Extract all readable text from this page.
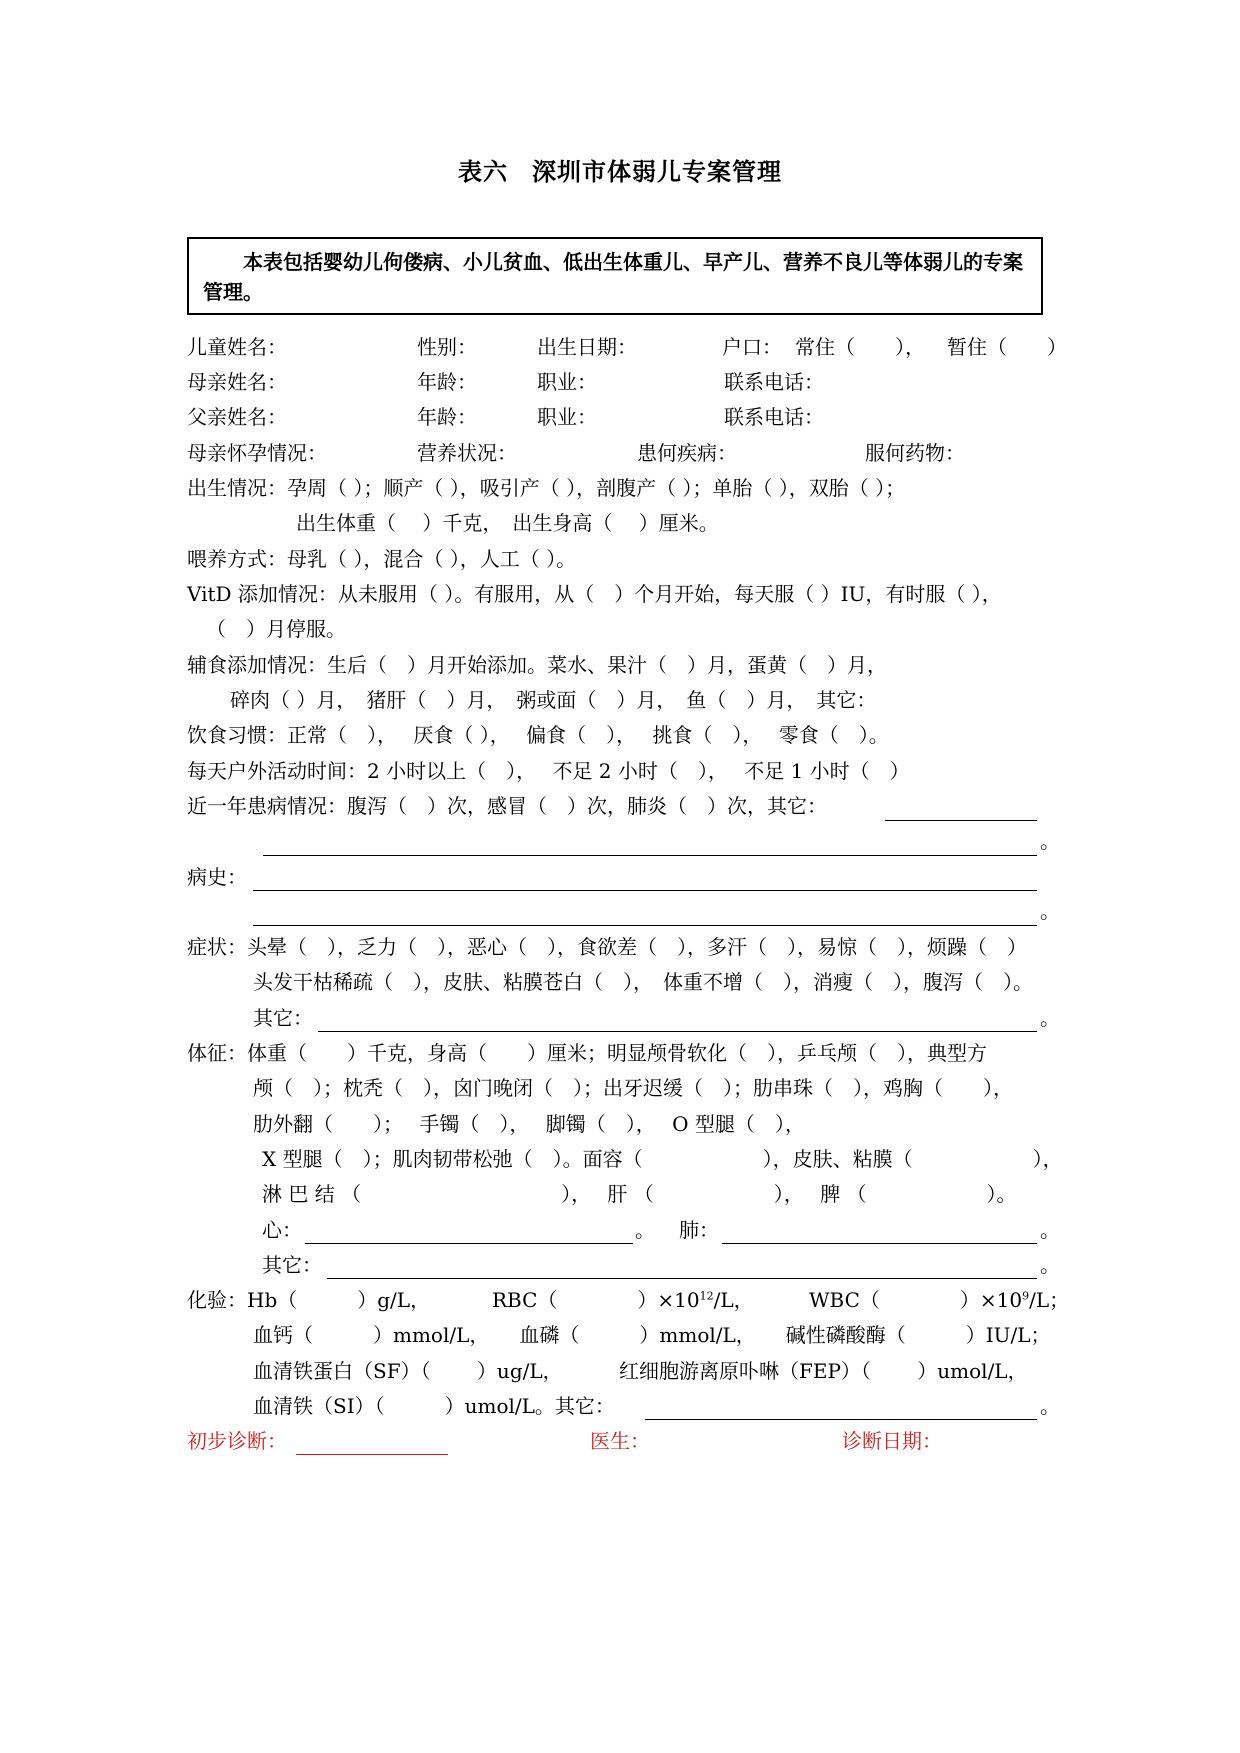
表六 深圳市体弱儿专案管理

本表包括婴幼儿佝偻病、小儿贫血、低出生体重儿、早产儿、营养不良儿等体弱儿的专案管理。

儿童姓名：	性别：	出生日期：	户口： 常住（　　）， 暂住（　　）
母亲姓名：	年龄：	职业：	联系电话：
父亲姓名：	年龄：	职业：	联系电话：
母亲怀孕情况：	营养状况：	患何疾病：	服何药物：
出生情况：孕周（ ）；顺产（ ），吸引产（ ），剖腹产（ ）；单胎（ ），双胎（ ）；
出生体重（　 ）千克，　出生身高（　 ）厘米。
喂养方式：母乳（ ），混合（ ），人工（ ）。
VitD 添加情况：从未服用（ ）。有服用，从（　）个月开始，每天服（ ）IU，有时服（ ），
（　）月停服。
辅食添加情况：生后（　）月开始添加。菜水、果汁（　）月，蛋黄（　）月，
碎肉（ ）月，　猪肝（　）月，　粥或面（　）月，　鱼（　）月，　其它：
饮食习惯：正常（　），　 厌食（ ），　 偏食（　），　 挑食（　），　 零食（　）。
每天户外活动时间：2 小时以上（　），　 不足 2 小时（　），　 不足 1 小时（　）
近一年患病情况：腹泻（　）次，感冒（　）次，肺炎（　）次，其它：
。
病史：
。
症状：头晕（　），乏力（　），恶心（　），食欲差（　），多汗（　），易惊（　），烦躁（　）
头发干枯稀疏（　），皮肤、粘膜苍白（　），　体重不增（　），消瘦（　），腹泻（　）。
其它：	。
体征：体重（　　）千克，身高（　　）厘米；明显颅骨软化（　），乒乓颅（　），典型方
颅（　）；枕秃（　），囟门晚闭（　）；出牙迟缓（　）；肋串珠（　），鸡胸（　　），
肋外翻（　　）；　 手镯（　），　 脚镯（　），　 O 型腿（　），
X 型腿（　）；肌肉韧带松弛（　）。面容（　　　　　　），皮肤、粘膜（　　　　　　），
淋 巴 结 （　　　　　　　　　　），　 肝 （　　　　　　），　 脾 （　　　　　　）。
心：	。 肺：	。
其它：	。
化验：Hb（　　　）g/L，	RBC（　　　　）$\times 10^{12}/L$，	WBC（　　　　）$\times 10^9/L$；
血钙（　　　）mmol/L，　　血磷（　　　）mmol/L，　　碱性磷酸酶（　　　）IU/L；
血清铁蛋白（SF）（　　 ）ug/L，　　　 红细胞游离原卟啉（FEP）（　　 ）umol/L，
血清铁（SI）（　　　）umol/L。其它：	。
初步诊断：	医生：	诊断日期：
